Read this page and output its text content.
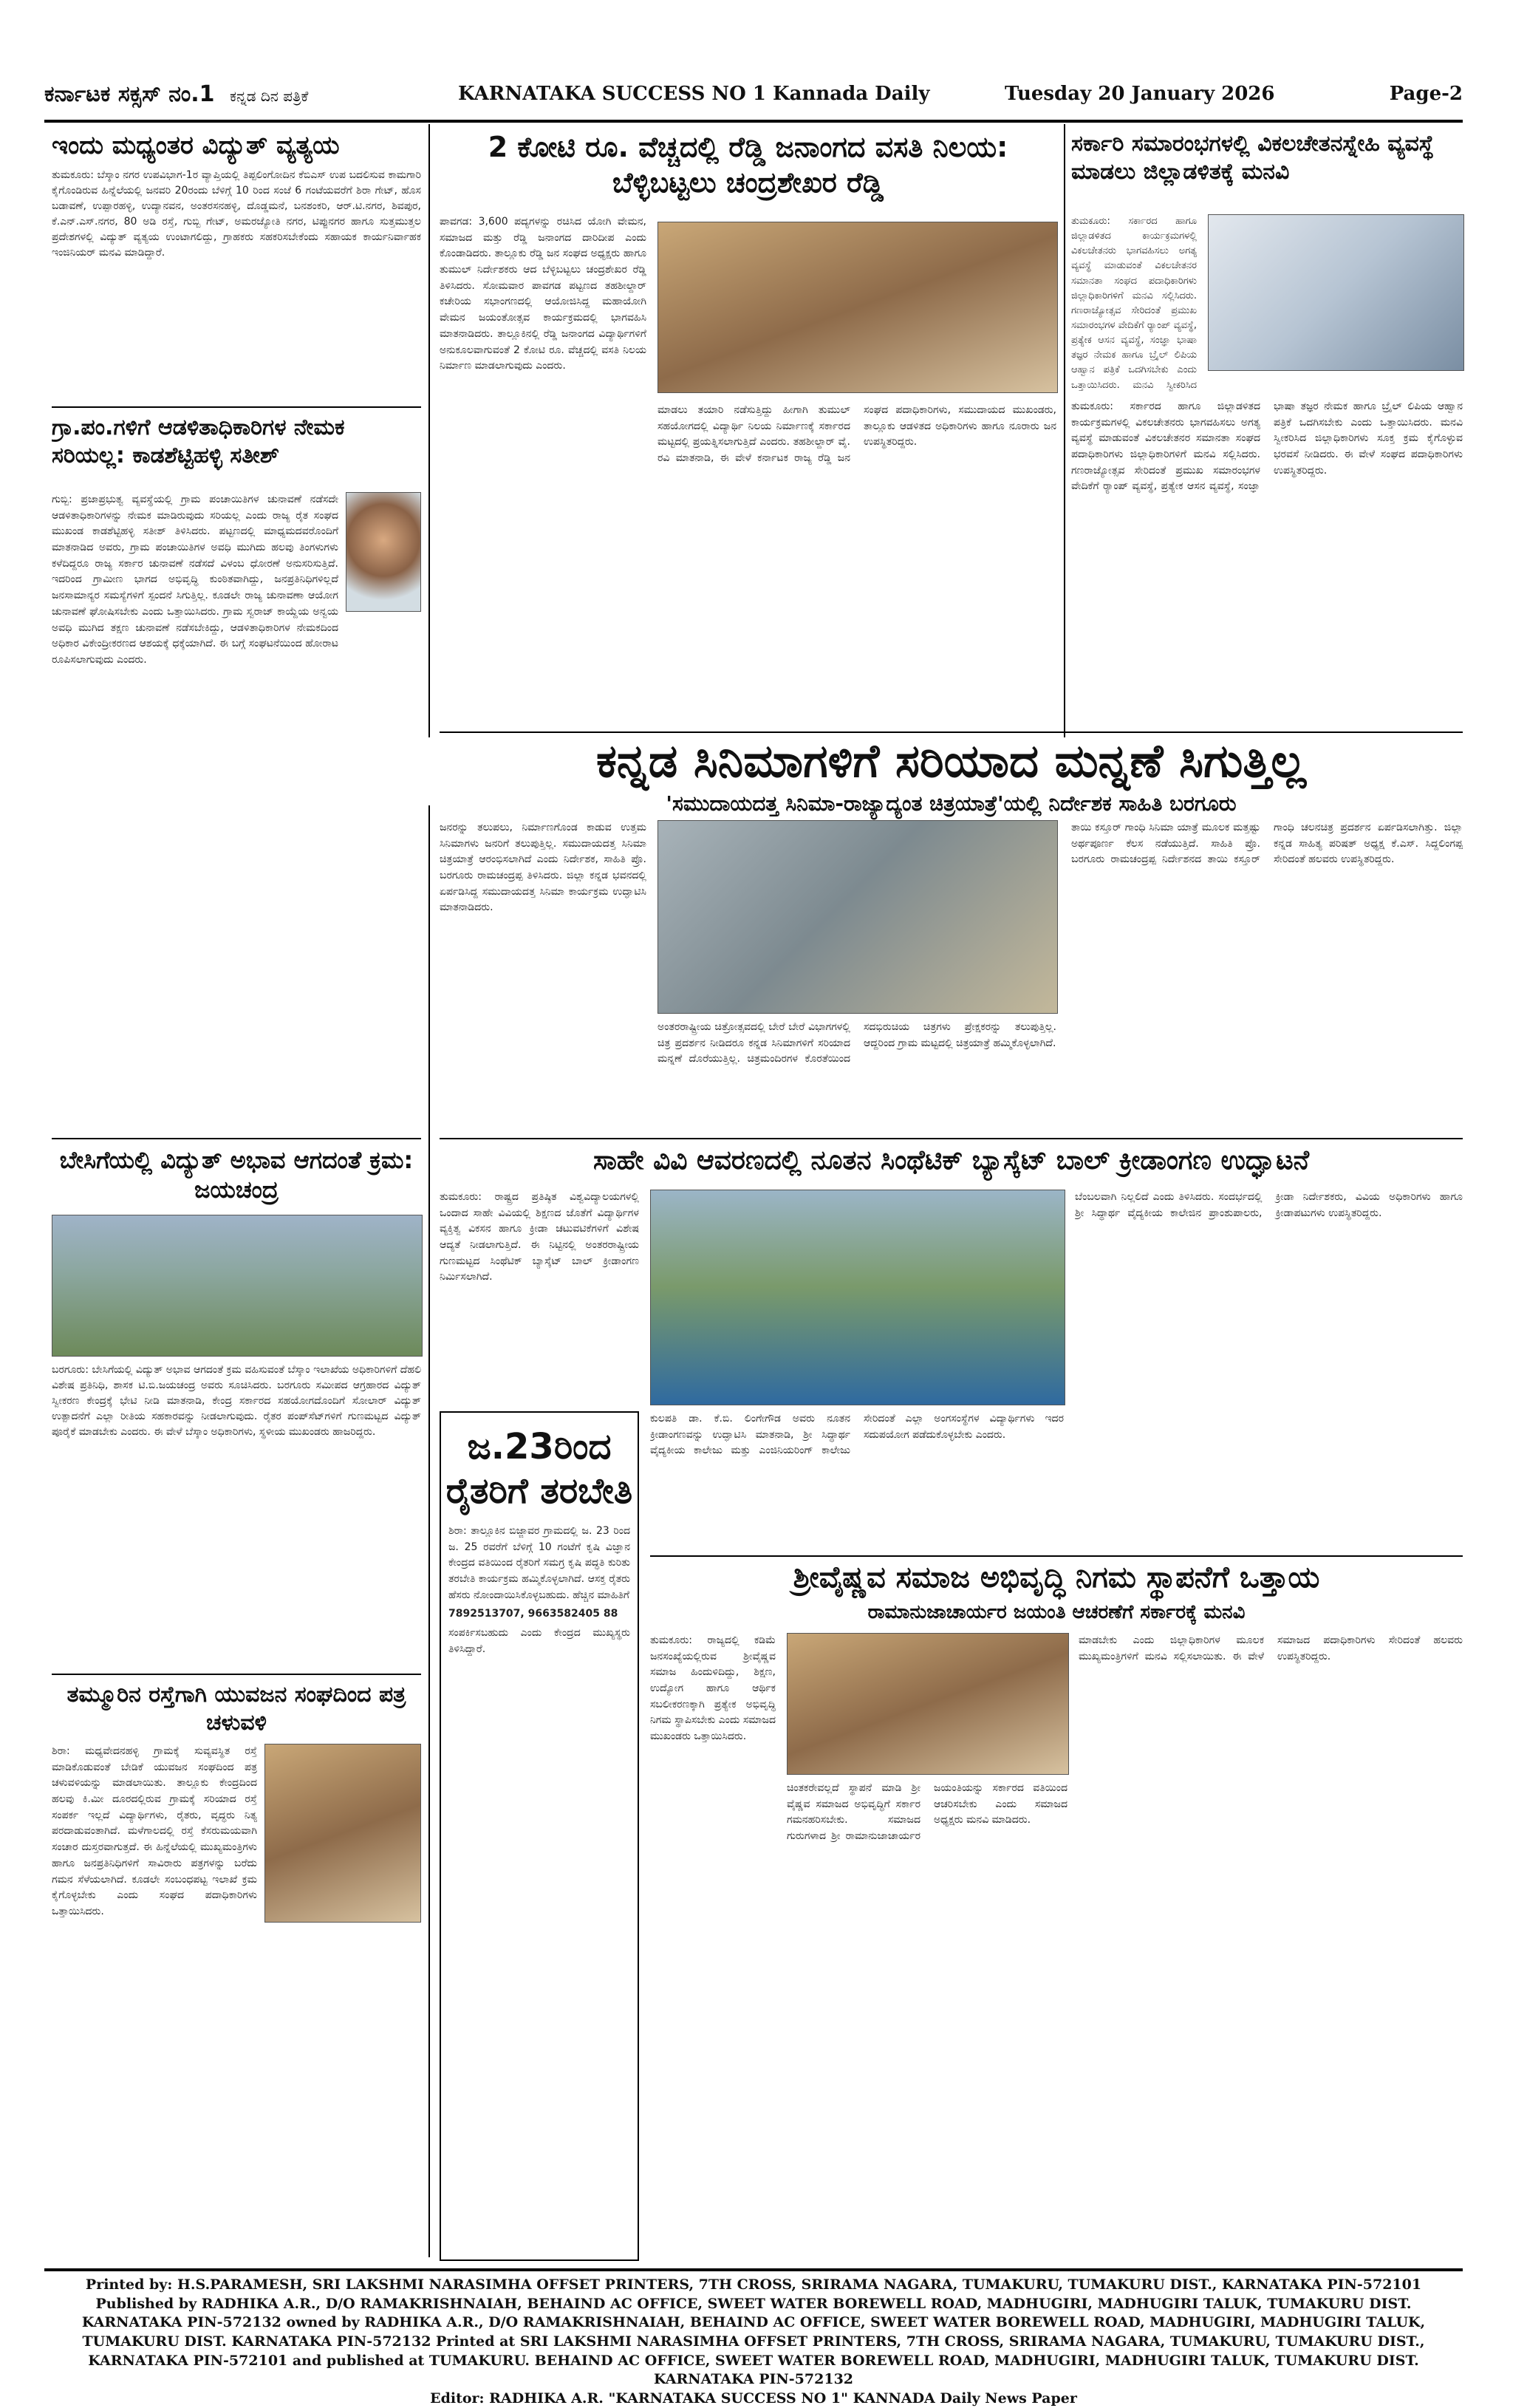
ಕರ್ನಾಟಕ ಸಕ್ಸಸ್ ನಂ.1 ಕನ್ನಡ ದಿನ ಪತ್ರಿಕೆ	KARNATAKA SUCCESS NO 1 Kannada Daily	Tuesday 20 January 2026	Page-2
ಇಂದು ಮಧ್ಯಂತರ ವಿದ್ಯುತ್ ವ್ಯತ್ಯಯ
ತುಮಕೂರು: ಬೆಸ್ಕಾಂ ನಗರ ಉಪವಿಭಾಗ-1ರ ವ್ಯಾಪ್ತಿಯಲ್ಲಿ ತಿಪ್ಪಲಿಂಗೋದಿನ ಕೆಬಿಎಸ್ ಉಪ ಬದಲಿಸುವ ಕಾಮಗಾರಿ ಕೈಗೊಂಡಿರುವ ಹಿನ್ನೆಲೆಯಲ್ಲಿ ಜನವರಿ 20ರಂದು ಬೆಳಿಗ್ಗೆ 10 ರಿಂದ ಸಂಜೆ 6 ಗಂಟೆಯವರೆಗೆ ಶಿರಾ ಗೇಟ್, ಹೊಸ ಬಡಾವಣೆ, ಉಪ್ಪಾರಹಳ್ಳಿ, ಉದ್ಯಾನವನ, ಅಂತರಸನಹಳ್ಳಿ, ದೊಡ್ಡಮನೆ, ಬನಶಂಕರಿ, ಆರ್.ಟಿ.ನಗರ, ಶಿವಪುರ, ಕೆ.ಎನ್.ಎಸ್.ನಗರ, 80 ಅಡಿ ರಸ್ತೆ, ಗುಬ್ಬಿ ಗೇಟ್, ಅಮರಜ್ಯೋತಿ ನಗರ, ಟಿಪ್ಪುನಗರ ಹಾಗೂ ಸುತ್ತಮುತ್ತಲ ಪ್ರದೇಶಗಳಲ್ಲಿ ವಿದ್ಯುತ್ ವ್ಯತ್ಯಯ ಉಂಟಾಗಲಿದ್ದು, ಗ್ರಾಹಕರು ಸಹಕರಿಸಬೇಕೆಂದು ಸಹಾಯಕ ಕಾರ್ಯನಿರ್ವಾಹಕ ಇಂಜಿನಿಯರ್ ಮನವಿ ಮಾಡಿದ್ದಾರೆ.
ಗ್ರಾ.ಪಂ.ಗಳಿಗೆ ಆಡಳಿತಾಧಿಕಾರಿಗಳ ನೇಮಕ ಸರಿಯಲ್ಲ: ಕಾಡಶೆಟ್ಟಿಹಳ್ಳಿ ಸತೀಶ್
ಗುಬ್ಬಿ: ಪ್ರಜಾಪ್ರಭುತ್ವ ವ್ಯವಸ್ಥೆಯಲ್ಲಿ ಗ್ರಾಮ ಪಂಚಾಯಿತಿಗಳ ಚುನಾವಣೆ ನಡೆಸದೇ ಆಡಳಿತಾಧಿಕಾರಿಗಳನ್ನು ನೇಮಕ ಮಾಡಿರುವುದು ಸರಿಯಲ್ಲ ಎಂದು ರಾಜ್ಯ ರೈತ ಸಂಘದ ಮುಖಂಡ ಕಾಡಶೆಟ್ಟಿಹಳ್ಳಿ ಸತೀಶ್ ತಿಳಿಸಿದರು. ಪಟ್ಟಣದಲ್ಲಿ ಮಾಧ್ಯಮದವರೊಂದಿಗೆ ಮಾತನಾಡಿದ ಅವರು, ಗ್ರಾಮ ಪಂಚಾಯಿತಿಗಳ ಅವಧಿ ಮುಗಿದು ಹಲವು ತಿಂಗಳುಗಳು ಕಳೆದಿದ್ದರೂ ರಾಜ್ಯ ಸರ್ಕಾರ ಚುನಾವಣೆ ನಡೆಸದೆ ವಿಳಂಬ ಧೋರಣೆ ಅನುಸರಿಸುತ್ತಿದೆ. ಇದರಿಂದ ಗ್ರಾಮೀಣ ಭಾಗದ ಅಭಿವೃದ್ಧಿ ಕುಂಠಿತವಾಗಿದ್ದು, ಜನಪ್ರತಿನಿಧಿಗಳಿಲ್ಲದೆ ಜನಸಾಮಾನ್ಯರ ಸಮಸ್ಯೆಗಳಿಗೆ ಸ್ಪಂದನೆ ಸಿಗುತ್ತಿಲ್ಲ. ಕೂಡಲೇ ರಾಜ್ಯ ಚುನಾವಣಾ ಆಯೋಗ ಚುನಾವಣೆ ಘೋಷಿಸಬೇಕು ಎಂದು ಒತ್ತಾಯಿಸಿದರು. ಗ್ರಾಮ ಸ್ವರಾಜ್ ಕಾಯ್ದೆಯ ಅನ್ವಯ ಅವಧಿ ಮುಗಿದ ತಕ್ಷಣ ಚುನಾವಣೆ ನಡೆಸಬೇಕಿದ್ದು, ಆಡಳಿತಾಧಿಕಾರಿಗಳ ನೇಮಕದಿಂದ ಅಧಿಕಾರ ವಿಕೇಂದ್ರೀಕರಣದ ಆಶಯಕ್ಕೆ ಧಕ್ಕೆಯಾಗಿದೆ. ಈ ಬಗ್ಗೆ ಸಂಘಟನೆಯಿಂದ ಹೋರಾಟ ರೂಪಿಸಲಾಗುವುದು ಎಂದರು.
ಬೇಸಿಗೆಯಲ್ಲಿ ವಿದ್ಯುತ್ ಅಭಾವ ಆಗದಂತೆ ಕ್ರಮ: ಜಯಚಂದ್ರ
ಬರಗೂರು: ಬೇಸಿಗೆಯಲ್ಲಿ ವಿದ್ಯುತ್ ಅಭಾವ ಆಗದಂತೆ ಕ್ರಮ ವಹಿಸುವಂತೆ ಬೆಸ್ಕಾಂ ಇಲಾಖೆಯ ಅಧಿಕಾರಿಗಳಿಗೆ ದೆಹಲಿ ವಿಶೇಷ ಪ್ರತಿನಿಧಿ, ಶಾಸಕ ಟಿ.ಬಿ.ಜಯಚಂದ್ರ ಅವರು ಸೂಚಿಸಿದರು. ಬರಗೂರು ಸಮೀಪದ ಆಗ್ರಹಾರದ ವಿದ್ಯುತ್ ಸ್ವೀಕರಣ ಕೇಂದ್ರಕ್ಕೆ ಭೇಟಿ ನೀಡಿ ಮಾತನಾಡಿ, ಕೇಂದ್ರ ಸರ್ಕಾರದ ಸಹಯೋಗದೊಂದಿಗೆ ಸೋಲಾರ್ ವಿದ್ಯುತ್ ಉತ್ಪಾದನೆಗೆ ಎಲ್ಲಾ ರೀತಿಯ ಸಹಕಾರವನ್ನು ನೀಡಲಾಗುವುದು. ರೈತರ ಪಂಪ್‌ಸೆಟ್‌ಗಳಿಗೆ ಗುಣಮಟ್ಟದ ವಿದ್ಯುತ್ ಪೂರೈಕೆ ಮಾಡಬೇಕು ಎಂದರು. ಈ ವೇಳೆ ಬೆಸ್ಕಾಂ ಅಧಿಕಾರಿಗಳು, ಸ್ಥಳೀಯ ಮುಖಂಡರು ಹಾಜರಿದ್ದರು.
ತಮ್ಮೂರಿನ ರಸ್ತೆಗಾಗಿ ಯುವಜನ ಸಂಘದಿಂದ ಪತ್ರ ಚಳುವಳಿ
ಶಿರಾ: ಮಧ್ಯವೇದನಹಳ್ಳಿ ಗ್ರಾಮಕ್ಕೆ ಸುವ್ಯವಸ್ಥಿತ ರಸ್ತೆ ಮಾಡಿಕೊಡುವಂತೆ ಬೇಡಿಕೆ ಯುವಜನ ಸಂಘದಿಂದ ಪತ್ರ ಚಳುವಳಿಯನ್ನು ಮಾಡಲಾಯಿತು. ತಾಲ್ಲೂಕು ಕೇಂದ್ರದಿಂದ ಹಲವು ಕಿ.ಮೀ ದೂರದಲ್ಲಿರುವ ಗ್ರಾಮಕ್ಕೆ ಸರಿಯಾದ ರಸ್ತೆ ಸಂಪರ್ಕ ಇಲ್ಲದೆ ವಿದ್ಯಾರ್ಥಿಗಳು, ರೈತರು, ವೃದ್ಧರು ನಿತ್ಯ ಪರದಾಡುವಂತಾಗಿದೆ. ಮಳೆಗಾಲದಲ್ಲಿ ರಸ್ತೆ ಕೆಸರುಮಯವಾಗಿ ಸಂಚಾರ ದುಸ್ತರವಾಗುತ್ತದೆ. ಈ ಹಿನ್ನೆಲೆಯಲ್ಲಿ ಮುಖ್ಯಮಂತ್ರಿಗಳು ಹಾಗೂ ಜನಪ್ರತಿನಿಧಿಗಳಿಗೆ ಸಾವಿರಾರು ಪತ್ರಗಳನ್ನು ಬರೆದು ಗಮನ ಸೆಳೆಯಲಾಗಿದೆ. ಕೂಡಲೇ ಸಂಬಂಧಪಟ್ಟ ಇಲಾಖೆ ಕ್ರಮ ಕೈಗೊಳ್ಳಬೇಕು ಎಂದು ಸಂಘದ ಪದಾಧಿಕಾರಿಗಳು ಒತ್ತಾಯಿಸಿದರು.
2 ಕೋಟಿ ರೂ. ವೆಚ್ಚದಲ್ಲಿ ರೆಡ್ಡಿ ಜನಾಂಗದ ವಸತಿ ನಿಲಯ: ಬೆಳ್ಳಿಬಟ್ಟಲು ಚಂದ್ರಶೇಖರ ರೆಡ್ಡಿ
ಪಾವಗಡ: 3,600 ಪದ್ಯಗಳನ್ನು ರಚಿಸಿದ ಯೋಗಿ ವೇಮನ, ಸಮಾಜದ ಮತ್ತು ರೆಡ್ಡಿ ಜನಾಂಗದ ದಾರಿದೀಪ ಎಂದು ಕೊಂಡಾಡಿದರು. ತಾಲ್ಲೂಕು ರೆಡ್ಡಿ ಜನ ಸಂಘದ ಅಧ್ಯಕ್ಷರು ಹಾಗೂ ತುಮುಲ್ ನಿರ್ದೇಶಕರು ಆದ ಬೆಳ್ಳಿಬಟ್ಟಲು ಚಂದ್ರಶೇಖರ ರೆಡ್ಡಿ ತಿಳಿಸಿದರು. ಸೋಮವಾರ ಪಾವಗಡ ಪಟ್ಟಣದ ತಹಶೀಲ್ದಾರ್ ಕಚೇರಿಯ ಸಭಾಂಗಣದಲ್ಲಿ ಆಯೋಜಿಸಿದ್ದ ಮಹಾಯೋಗಿ ವೇಮನ ಜಯಂತೋತ್ಸವ ಕಾರ್ಯಕ್ರಮದಲ್ಲಿ ಭಾಗವಹಿಸಿ ಮಾತನಾಡಿದರು. ತಾಲ್ಲೂಕಿನಲ್ಲಿ ರೆಡ್ಡಿ ಜನಾಂಗದ ವಿದ್ಯಾರ್ಥಿಗಳಿಗೆ ಅನುಕೂಲವಾಗುವಂತೆ 2 ಕೋಟಿ ರೂ. ವೆಚ್ಚದಲ್ಲಿ ವಸತಿ ನಿಲಯ ನಿರ್ಮಾಣ ಮಾಡಲಾಗುವುದು ಎಂದರು.
ಮಾಡಲು ತಯಾರಿ ನಡೆಸುತ್ತಿದ್ದು ಹೀಗಾಗಿ ತುಮುಲ್ ಸಹಯೋಗದಲ್ಲಿ ವಿದ್ಯಾರ್ಥಿ ನಿಲಯ ನಿರ್ಮಾಣಕ್ಕೆ ಸರ್ಕಾರದ ಮಟ್ಟದಲ್ಲಿ ಪ್ರಯತ್ನಿಸಲಾಗುತ್ತಿದೆ ಎಂದರು. ತಹಶೀಲ್ದಾರ್ ವೈ. ರವಿ ಮಾತನಾಡಿ, ಈ ವೇಳೆ ಕರ್ನಾಟಕ ರಾಜ್ಯ ರೆಡ್ಡಿ ಜನ ಸಂಘದ ಪದಾಧಿಕಾರಿಗಳು, ಸಮುದಾಯದ ಮುಖಂಡರು, ತಾಲ್ಲೂಕು ಆಡಳಿತದ ಅಧಿಕಾರಿಗಳು ಹಾಗೂ ನೂರಾರು ಜನ ಉಪಸ್ಥಿತರಿದ್ದರು.
ಸರ್ಕಾರಿ ಸಮಾರಂಭಗಳಲ್ಲಿ ವಿಕಲಚೇತನಸ್ನೇಹಿ ವ್ಯವಸ್ಥೆ ಮಾಡಲು ಜಿಲ್ಲಾಡಳಿತಕ್ಕೆ ಮನವಿ
ತುಮಕೂರು: ಸರ್ಕಾರದ ಹಾಗೂ ಜಿಲ್ಲಾಡಳಿತದ ಕಾರ್ಯಕ್ರಮಗಳಲ್ಲಿ ವಿಕಲಚೇತನರು ಭಾಗವಹಿಸಲು ಅಗತ್ಯ ವ್ಯವಸ್ಥೆ ಮಾಡುವಂತೆ ವಿಕಲಚೇತನರ ಸಮಾನತಾ ಸಂಘದ ಪದಾಧಿಕಾರಿಗಳು ಜಿಲ್ಲಾಧಿಕಾರಿಗಳಿಗೆ ಮನವಿ ಸಲ್ಲಿಸಿದರು. ಗಣರಾಜ್ಯೋತ್ಸವ ಸೇರಿದಂತೆ ಪ್ರಮುಖ ಸಮಾರಂಭಗಳ ವೇದಿಕೆಗೆ ರ‍್ಯಾಂಪ್ ವ್ಯವಸ್ಥೆ, ಪ್ರತ್ಯೇಕ ಆಸನ ವ್ಯವಸ್ಥೆ, ಸಂಜ್ಞಾ ಭಾಷಾ ತಜ್ಞರ ನೇಮಕ ಹಾಗೂ ಬ್ರೈಲ್ ಲಿಪಿಯ ಆಹ್ವಾನ ಪತ್ರಿಕೆ ಒದಗಿಸಬೇಕು ಎಂದು ಒತ್ತಾಯಿಸಿದರು. ಮನವಿ ಸ್ವೀಕರಿಸಿದ
ತುಮಕೂರು: ಸರ್ಕಾರದ ಹಾಗೂ ಜಿಲ್ಲಾಡಳಿತದ ಕಾರ್ಯಕ್ರಮಗಳಲ್ಲಿ ವಿಕಲಚೇತನರು ಭಾಗವಹಿಸಲು ಅಗತ್ಯ ವ್ಯವಸ್ಥೆ ಮಾಡುವಂತೆ ವಿಕಲಚೇತನರ ಸಮಾನತಾ ಸಂಘದ ಪದಾಧಿಕಾರಿಗಳು ಜಿಲ್ಲಾಧಿಕಾರಿಗಳಿಗೆ ಮನವಿ ಸಲ್ಲಿಸಿದರು. ಗಣರಾಜ್ಯೋತ್ಸವ ಸೇರಿದಂತೆ ಪ್ರಮುಖ ಸಮಾರಂಭಗಳ ವೇದಿಕೆಗೆ ರ‍್ಯಾಂಪ್ ವ್ಯವಸ್ಥೆ, ಪ್ರತ್ಯೇಕ ಆಸನ ವ್ಯವಸ್ಥೆ, ಸಂಜ್ಞಾ ಭಾಷಾ ತಜ್ಞರ ನೇಮಕ ಹಾಗೂ ಬ್ರೈಲ್ ಲಿಪಿಯ ಆಹ್ವಾನ ಪತ್ರಿಕೆ ಒದಗಿಸಬೇಕು ಎಂದು ಒತ್ತಾಯಿಸಿದರು. ಮನವಿ ಸ್ವೀಕರಿಸಿದ ಜಿಲ್ಲಾಧಿಕಾರಿಗಳು ಸೂಕ್ತ ಕ್ರಮ ಕೈಗೊಳ್ಳುವ ಭರವಸೆ ನೀಡಿದರು. ಈ ವೇಳೆ ಸಂಘದ ಪದಾಧಿಕಾರಿಗಳು ಉಪಸ್ಥಿತರಿದ್ದರು.
ಕನ್ನಡ ಸಿನಿಮಾಗಳಿಗೆ ಸರಿಯಾದ ಮನ್ನಣೆ ಸಿಗುತ್ತಿಲ್ಲ
'ಸಮುದಾಯದತ್ತ ಸಿನಿಮಾ-ರಾಜ್ಯಾದ್ಯಂತ ಚಿತ್ರಯಾತ್ರೆ'ಯಲ್ಲಿ ನಿರ್ದೇಶಕ ಸಾಹಿತಿ ಬರಗೂರು
ಜನರನ್ನು ತಲುಪಲು, ನಿರ್ಮಾಣಗೊಂಡ ಕಾಡುವ ಉತ್ತಮ ಸಿನಿಮಾಗಳು ಜನರಿಗೆ ತಲುಪುತ್ತಿಲ್ಲ. ಸಮುದಾಯದತ್ತ ಸಿನಿಮಾ ಚಿತ್ರಯಾತ್ರೆ ಆರಂಭಿಸಲಾಗಿದೆ ಎಂದು ನಿರ್ದೇಶಕ, ಸಾಹಿತಿ ಪ್ರೊ. ಬರಗೂರು ರಾಮಚಂದ್ರಪ್ಪ ತಿಳಿಸಿದರು. ಜಿಲ್ಲಾ ಕನ್ನಡ ಭವನದಲ್ಲಿ ಏರ್ಪಡಿಸಿದ್ದ ಸಮುದಾಯದತ್ತ ಸಿನಿಮಾ ಕಾರ್ಯಕ್ರಮ ಉದ್ಘಾಟಿಸಿ ಮಾತನಾಡಿದರು.
ಅಂತರರಾಷ್ಟ್ರೀಯ ಚಿತ್ರೋತ್ಸವದಲ್ಲಿ ಬೇರೆ ಬೇರೆ ವಿಭಾಗಗಳಲ್ಲಿ ಚಿತ್ರ ಪ್ರದರ್ಶನ ನೀಡಿದರೂ ಕನ್ನಡ ಸಿನಿಮಾಗಳಿಗೆ ಸರಿಯಾದ ಮನ್ನಣೆ ದೊರೆಯುತ್ತಿಲ್ಲ. ಚಿತ್ರಮಂದಿರಗಳ ಕೊರತೆಯಿಂದ ಸದಭಿರುಚಿಯ ಚಿತ್ರಗಳು ಪ್ರೇಕ್ಷಕರನ್ನು ತಲುಪುತ್ತಿಲ್ಲ. ಆದ್ದರಿಂದ ಗ್ರಾಮ ಮಟ್ಟದಲ್ಲಿ ಚಿತ್ರಯಾತ್ರೆ ಹಮ್ಮಿಕೊಳ್ಳಲಾಗಿದೆ.
ತಾಯಿ ಕಸ್ತೂರ್ ಗಾಂಧಿ ಸಿನಿಮಾ ಯಾತ್ರೆ ಮೂಲಕ ಮತ್ತಷ್ಟು ಅರ್ಥಪೂರ್ಣ ಕೆಲಸ ನಡೆಯುತ್ತಿದೆ. ಸಾಹಿತಿ ಪ್ರೊ. ಬರಗೂರು ರಾಮಚಂದ್ರಪ್ಪ ನಿರ್ದೇಶನದ ತಾಯಿ ಕಸ್ತೂರ್ ಗಾಂಧಿ ಚಲನಚಿತ್ರ ಪ್ರದರ್ಶನ ಏರ್ಪಡಿಸಲಾಗಿತ್ತು. ಜಿಲ್ಲಾ ಕನ್ನಡ ಸಾಹಿತ್ಯ ಪರಿಷತ್ ಅಧ್ಯಕ್ಷ ಕೆ.ಎಸ್. ಸಿದ್ದಲಿಂಗಪ್ಪ ಸೇರಿದಂತೆ ಹಲವರು ಉಪಸ್ಥಿತರಿದ್ದರು.
ಸಾಹೇ ವಿವಿ ಆವರಣದಲ್ಲಿ ನೂತನ ಸಿಂಥೆಟಿಕ್ ಬ್ಯಾಸ್ಕೆಟ್ ಬಾಲ್ ಕ್ರೀಡಾಂಗಣ ಉದ್ಘಾಟನೆ
ತುಮಕೂರು: ರಾಷ್ಟ್ರದ ಪ್ರತಿಷ್ಠಿತ ವಿಶ್ವವಿದ್ಯಾಲಯಗಳಲ್ಲಿ ಒಂದಾದ ಸಾಹೇ ವಿವಿಯಲ್ಲಿ ಶಿಕ್ಷಣದ ಜೊತೆಗೆ ವಿದ್ಯಾರ್ಥಿಗಳ ವ್ಯಕ್ತಿತ್ವ ವಿಕಸನ ಹಾಗೂ ಕ್ರೀಡಾ ಚಟುವಟಿಕೆಗಳಿಗೆ ವಿಶೇಷ ಆದ್ಯತೆ ನೀಡಲಾಗುತ್ತಿದೆ. ಈ ನಿಟ್ಟಿನಲ್ಲಿ ಅಂತರರಾಷ್ಟ್ರೀಯ ಗುಣಮಟ್ಟದ ಸಿಂಥೆಟಿಕ್ ಬ್ಯಾಸ್ಕೆಟ್ ಬಾಲ್ ಕ್ರೀಡಾಂಗಣ ನಿರ್ಮಿಸಲಾಗಿದೆ.
ಕುಲಪತಿ ಡಾ. ಕೆ.ಬಿ. ಲಿಂಗೇಗೌಡ ಅವರು ನೂತನ ಕ್ರೀಡಾಂಗಣವನ್ನು ಉದ್ಘಾಟಿಸಿ ಮಾತನಾಡಿ, ಶ್ರೀ ಸಿದ್ಧಾರ್ಥ ವೈದ್ಯಕೀಯ ಕಾಲೇಜು ಮತ್ತು ಎಂಜಿನಿಯರಿಂಗ್ ಕಾಲೇಜು ಸೇರಿದಂತೆ ಎಲ್ಲಾ ಅಂಗಸಂಸ್ಥೆಗಳ ವಿದ್ಯಾರ್ಥಿಗಳು ಇದರ ಸದುಪಯೋಗ ಪಡೆದುಕೊಳ್ಳಬೇಕು ಎಂದರು.
ಬೆಂಬಲವಾಗಿ ನಿಲ್ಲಲಿದೆ ಎಂದು ತಿಳಿಸಿದರು. ಸಂದರ್ಭದಲ್ಲಿ ಶ್ರೀ ಸಿದ್ಧಾರ್ಥ ವೈದ್ಯಕೀಯ ಕಾಲೇಜಿನ ಪ್ರಾಂಶುಪಾಲರು, ಕ್ರೀಡಾ ನಿರ್ದೇಶಕರು, ವಿವಿಯ ಅಧಿಕಾರಿಗಳು ಹಾಗೂ ಕ್ರೀಡಾಪಟುಗಳು ಉಪಸ್ಥಿತರಿದ್ದರು.
ಜ.23ರಿಂದ ರೈತರಿಗೆ ತರಬೇತಿ
ಶಿರಾ: ತಾಲ್ಲೂಕಿನ ಬಿಜ್ಜಾವರ ಗ್ರಾಮದಲ್ಲಿ ಜ. 23 ರಿಂದ ಜ. 25 ರವರೆಗೆ ಬೆಳಿಗ್ಗೆ 10 ಗಂಟೆಗೆ ಕೃಷಿ ವಿಜ್ಞಾನ ಕೇಂದ್ರದ ವತಿಯಿಂದ ರೈತರಿಗೆ ಸಮಗ್ರ ಕೃಷಿ ಪದ್ಧತಿ ಕುರಿತು ತರಬೇತಿ ಕಾರ್ಯಕ್ರಮ ಹಮ್ಮಿಕೊಳ್ಳಲಾಗಿದೆ. ಆಸಕ್ತ ರೈತರು ಹೆಸರು ನೋಂದಾಯಿಸಿಕೊಳ್ಳಬಹುದು. ಹೆಚ್ಚಿನ ಮಾಹಿತಿಗೆ
7892513707, 9663582405 88
ಸಂಪರ್ಕಿಸಬಹುದು ಎಂದು ಕೇಂದ್ರದ ಮುಖ್ಯಸ್ಥರು ತಿಳಿಸಿದ್ದಾರೆ.
ಶ್ರೀವೈಷ್ಣವ ಸಮಾಜ ಅಭಿವೃದ್ಧಿ ನಿಗಮ ಸ್ಥಾಪನೆಗೆ ಒತ್ತಾಯ
ರಾಮಾನುಜಾಚಾರ್ಯರ ಜಯಂತಿ ಆಚರಣೆಗೆ ಸರ್ಕಾರಕ್ಕೆ ಮನವಿ
ತುಮಕೂರು: ರಾಜ್ಯದಲ್ಲಿ ಕಡಿಮೆ ಜನಸಂಖ್ಯೆಯಲ್ಲಿರುವ ಶ್ರೀವೈಷ್ಣವ ಸಮಾಜ ಹಿಂದುಳಿದಿದ್ದು, ಶಿಕ್ಷಣ, ಉದ್ಯೋಗ ಹಾಗೂ ಆರ್ಥಿಕ ಸಬಲೀಕರಣಕ್ಕಾಗಿ ಪ್ರತ್ಯೇಕ ಅಭಿವೃದ್ಧಿ ನಿಗಮ ಸ್ಥಾಪಿಸಬೇಕು ಎಂದು ಸಮಾಜದ ಮುಖಂಡರು ಒತ್ತಾಯಿಸಿದರು.
ಚಿಂತಕರೇವಲ್ಲದೆ ಸ್ಥಾಪನೆ ಮಾಡಿ ಶ್ರೀ ವೈಷ್ಣವ ಸಮಾಜದ ಅಭಿವೃದ್ಧಿಗೆ ಸರ್ಕಾರ ಗಮನಹರಿಸಬೇಕು. ಸಮಾಜದ ಗುರುಗಳಾದ ಶ್ರೀ ರಾಮಾನುಜಾಚಾರ್ಯರ ಜಯಂತಿಯನ್ನು ಸರ್ಕಾರದ ವತಿಯಿಂದ ಆಚರಿಸಬೇಕು ಎಂದು ಸಮಾಜದ ಅಧ್ಯಕ್ಷರು ಮನವಿ ಮಾಡಿದರು.
ಮಾಡಬೇಕು ಎಂದು ಜಿಲ್ಲಾಧಿಕಾರಿಗಳ ಮೂಲಕ ಮುಖ್ಯಮಂತ್ರಿಗಳಿಗೆ ಮನವಿ ಸಲ್ಲಿಸಲಾಯಿತು. ಈ ವೇಳೆ ಸಮಾಜದ ಪದಾಧಿಕಾರಿಗಳು ಸೇರಿದಂತೆ ಹಲವರು ಉಪಸ್ಥಿತರಿದ್ದರು.

Printed by: H.S.PARAMESH, SRI LAKSHMI NARASIMHA OFFSET PRINTERS, 7TH CROSS, SRIRAMA NAGARA, TUMAKURU, TUMAKURU DIST., KARNATAKA PIN-572101

Published by RADHIKA A.R., D/O RAMAKRISHNAIAH, BEHAIND AC OFFICE, SWEET WATER BOREWELL ROAD, MADHUGIRI, MADHUGIRI TALUK, TUMAKURU DIST. KARNATAKA PIN-572132 owned by RADHIKA A.R., D/O RAMAKRISHNAIAH, BEHAIND AC OFFICE, SWEET WATER BOREWELL ROAD, MADHUGIRI, MADHUGIRI TALUK, TUMAKURU DIST. KARNATAKA PIN-572132 Printed at SRI LAKSHMI NARASIMHA OFFSET PRINTERS, 7TH CROSS, SRIRAMA NAGARA, TUMAKURU, TUMAKURU DIST., KARNATAKA PIN-572101 and published at TUMAKURU. BEHAIND AC OFFICE, SWEET WATER BOREWELL ROAD, MADHUGIRI, MADHUGIRI TALUK, TUMAKURU DIST. KARNATAKA PIN-572132

Editor: RADHIKA A.R. "KARNATAKA SUCCESS NO 1" KANNADA Daily News Paper
